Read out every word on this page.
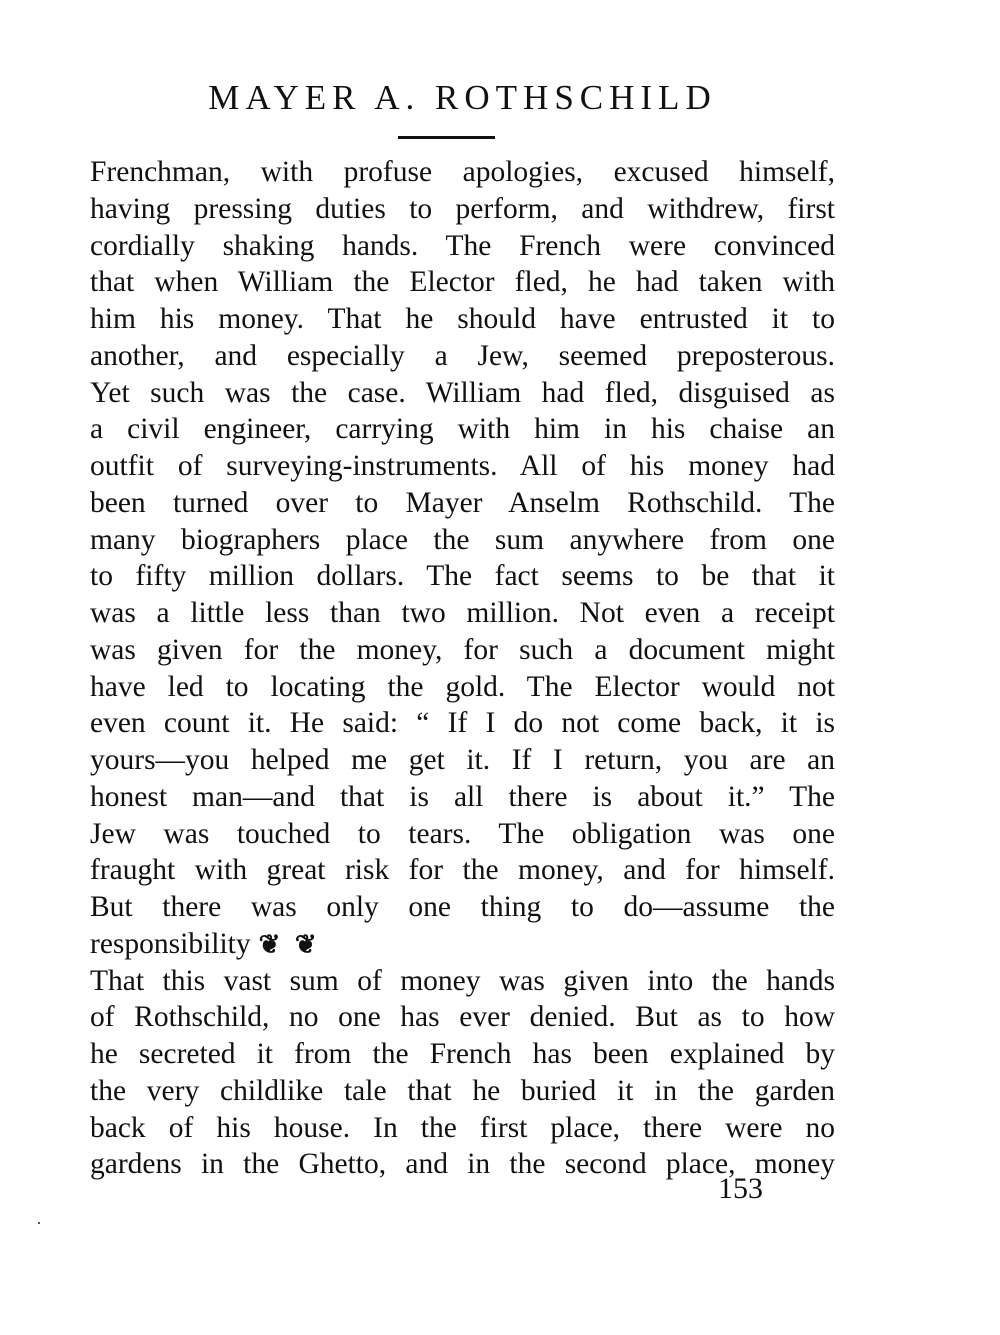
MAYER A. ROTHSCHILD
Frenchman, with profuse apologies, excused himself,
having pressing duties to perform, and withdrew, first
cordially shaking hands. The French were convinced
that when William the Elector fled, he had taken with
him his money. That he should have entrusted it to
another, and especially a Jew, seemed preposterous.
Yet such was the case. William had fled, disguised as
a civil engineer, carrying with him in his chaise an
outfit of surveying-instruments. All of his money had
been turned over to Mayer Anselm Rothschild. The
many biographers place the sum anywhere from one
to fifty million dollars. The fact seems to be that it
was a little less than two million. Not even a receipt
was given for the money, for such a document might
have led to locating the gold. The Elector would not
even count it. He said: “ If I do not come back, it is
yours—you helped me get it. If I return, you are an
honest man—and that is all there is about it.” The
Jew was touched to tears. The obligation was one
fraught with great risk for the money, and for himself.
But there was only one thing to do—assume the
responsibility ❦ ❦
That this vast sum of money was given into the hands
of Rothschild, no one has ever denied. But as to how
he secreted it from the French has been explained by
the very childlike tale that he buried it in the garden
back of his house. In the first place, there were no
gardens in the Ghetto, and in the second place, money
153
